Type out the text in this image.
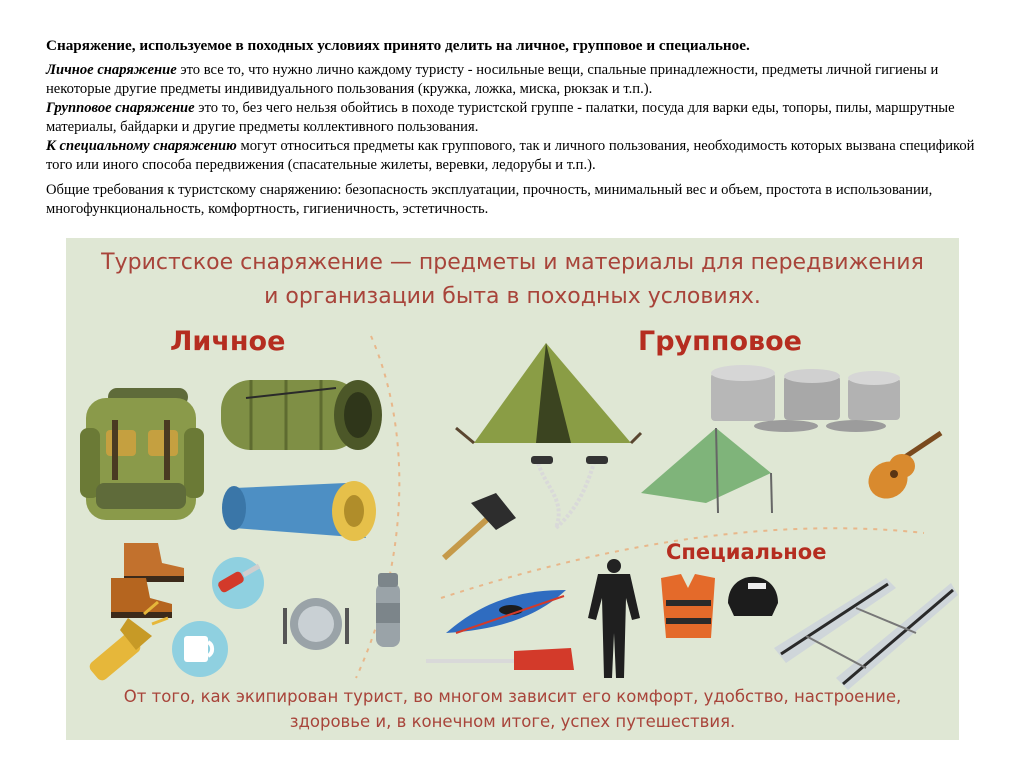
Снаряжение, используемое в походных условиях принято делить на личное, групповое и специальное.

Личное снаряжение это все то, что нужно лично каждому туристу - носильные вещи, спальные принадлежности, предметы личной гигиены и некоторые другие предметы индивидуального пользования (кружка, ложка, миска, рюкзак и т.п.).
Групповое снаряжение это то, без чего нельзя обойтись в походе туристской группе - палатки, посуда для варки еды, топоры, пилы, маршрутные материалы, байдарки и другие предметы коллективного пользования.
К специальному снаряжению могут относиться предметы как группового, так и личного пользования, необходимость которых вызвана спецификой того или иного способа передвижения (спасательные жилеты, веревки, ледорубы и т.п.).

Общие требования к туристскому снаряжению: безопасность эксплуатации, прочность, минимальный вес и объем, простота в использовании, многофункциональность, комфортность, гигиеничность, эстетичность.

Туристское снаряжение — предметы и материалы для передвижения
и организации быта в походных условиях.
Личное	Групповое
Специальное
От того, как экипирован турист, во многом зависит его комфорт, удобство, настроение,
здоровье и, в конечном итоге, успех путешествия.
